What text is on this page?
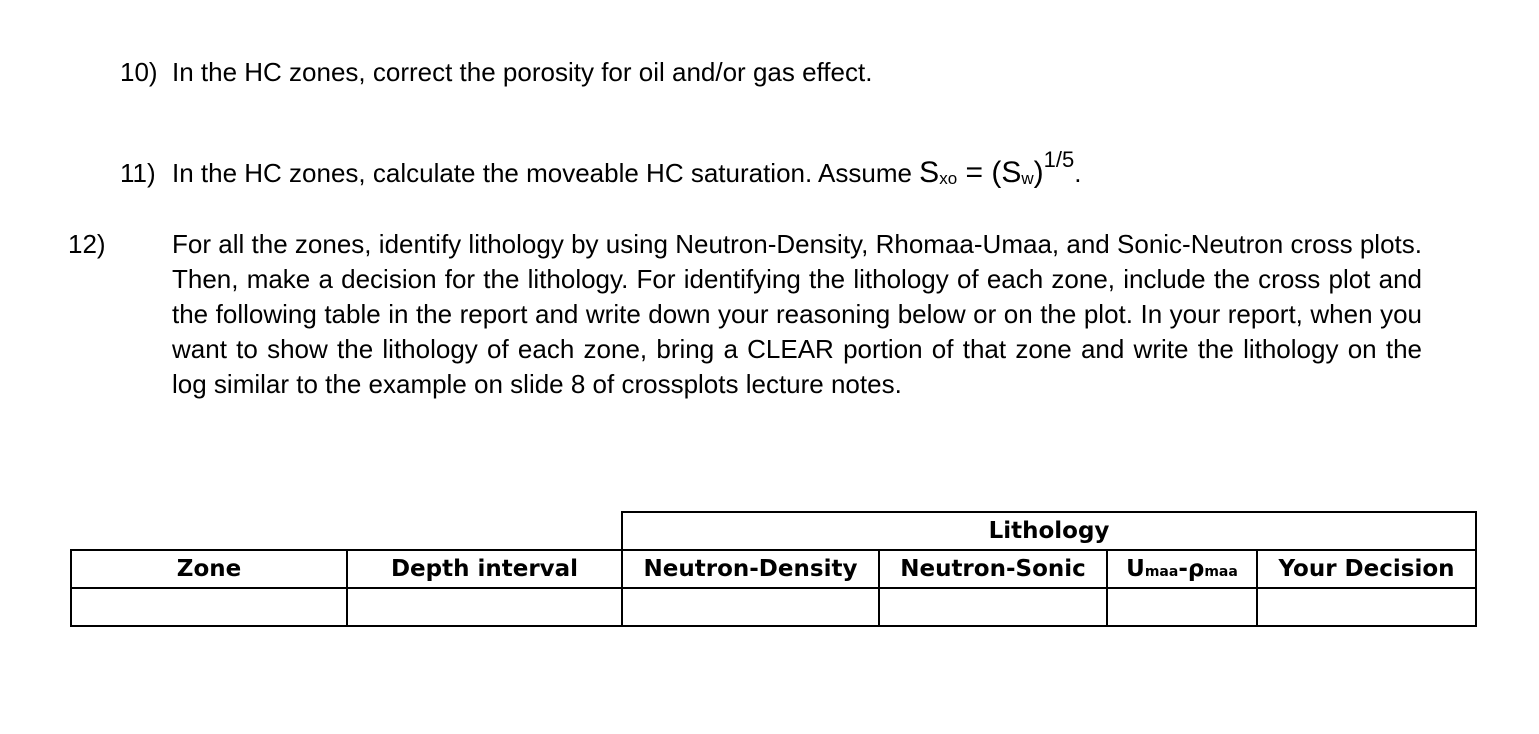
10) In the HC zones, correct the porosity for oil and/or gas effect.

11) In the HC zones, calculate the moveable HC saturation. Assume Sxo = $(Sw)^{1/5}$.

12)	For all the zones, identify lithology by using Neutron-Density, Rhomaa-Umaa, and Sonic-Neutron cross plots. Then, make a decision for the lithology. For identifying the lithology of each zone, include the cross plot and the following table in the report and write down your reasoning below or on the plot. In your report, when you want to show the lithology of each zone, bring a CLEAR portion of that zone and write the lithology on the log similar to the example on slide 8 of crossplots lecture notes.

		Lithology			
Zone	Depth interval	Neutron-Density	Neutron-Sonic	Umaa-ρmaa	Your Decision
